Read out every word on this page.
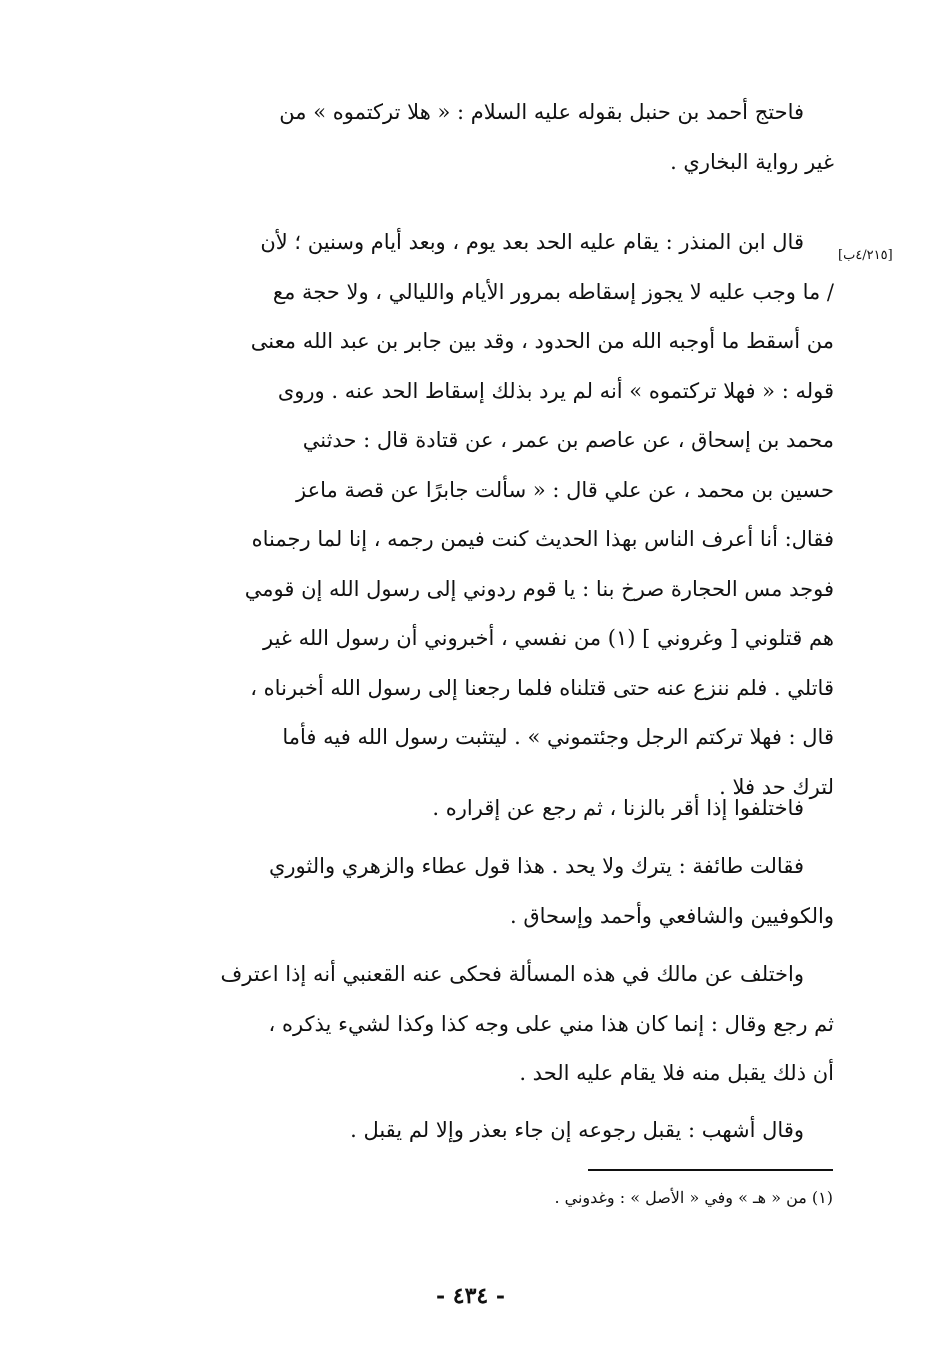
فاحتج أحمد بن حنبل بقوله عليه السلام : « هلا تركتموه » من
غير رواية البخاري .
قال ابن المنذر : يقام عليه الحد بعد يوم ، وبعد أيام وسنين ؛ لأن
/ ما وجب عليه لا يجوز إسقاطه بمرور الأيام والليالي ، ولا حجة مع
من أسقط ما أوجبه الله من الحدود ، وقد بين جابر بن عبد الله معنى
قوله : « فهلا تركتموه » أنه لم يرد بذلك إسقاط الحد عنه . وروى
محمد بن إسحاق ، عن عاصم بن عمر ، عن قتادة قال : حدثني
حسين بن محمد ، عن علي قال : « سألت جابرًا عن قصة ماعز
فقال: أنا أعرف الناس بهذا الحديث كنت فيمن رجمه ، إنا لما رجمناه
فوجد مس الحجارة صرخ بنا : يا قوم ردوني إلى رسول الله إن قومي
هم قتلوني [ وغروني ] (١) من نفسي ، أخبروني أن رسول الله غير
قاتلي . فلم ننزع عنه حتى قتلناه فلما رجعنا إلى رسول الله أخبرناه ،
قال : فهلا تركتم الرجل وجئتموني » . ليتثبت رسول الله فيه فأما
لترك حد فلا .
[٤/٢١٥ب]
فاختلفوا إذا أقر بالزنا ، ثم رجع عن إقراره .
فقالت طائفة : يترك ولا يحد . هذا قول عطاء والزهري والثوري
والكوفيين والشافعي وأحمد وإسحاق .
واختلف عن مالك في هذه المسألة فحكى عنه القعنبي أنه إذا اعترف
ثم رجع وقال : إنما كان هذا مني على وجه كذا وكذا لشيء يذكره ،
أن ذلك يقبل منه فلا يقام عليه الحد .
وقال أشهب : يقبل رجوعه إن جاء بعذر وإلا لم يقبل .
(١) من « هـ » وفي « الأصل » : وغدوني .
- ٤٣٤ -
